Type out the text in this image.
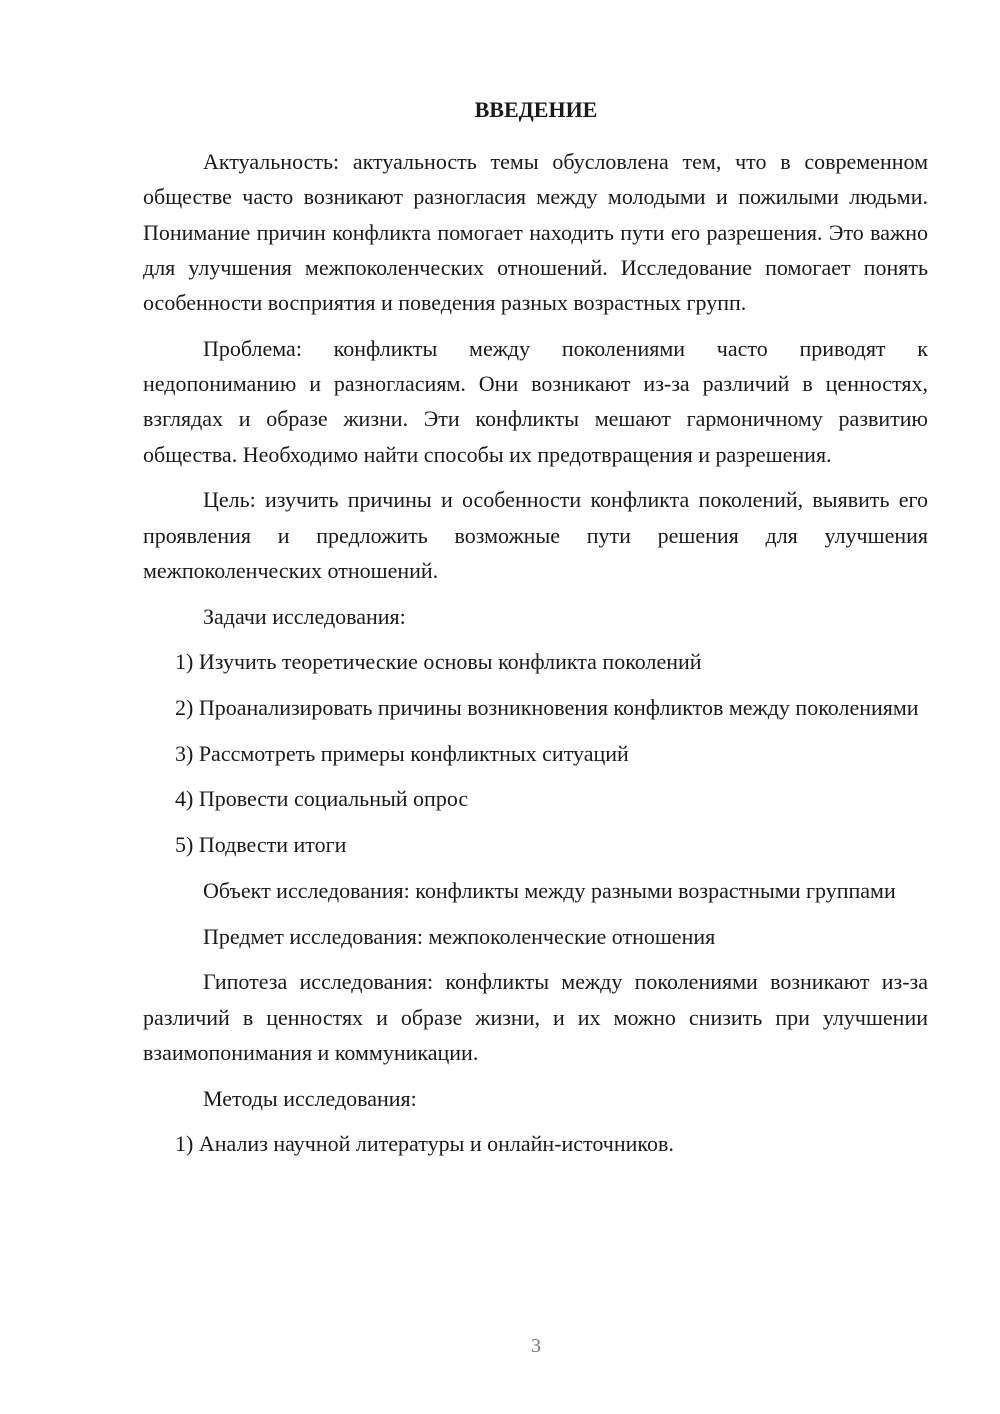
ВВЕДЕНИЕ

Актуальность: актуальность темы обусловлена тем, что в современном обществе часто возникают разногласия между молодыми и пожилыми людьми. Понимание причин конфликта помогает находить пути его разрешения. Это важно для улучшения межпоколенческих отношений. Исследование помогает понять особенности восприятия и поведения разных возрастных групп.

Проблема: конфликты между поколениями часто приводят к недопониманию и разногласиям. Они возникают из-за различий в ценностях, взглядах и образе жизни. Эти конфликты мешают гармоничному развитию общества. Необходимо найти способы их предотвращения и разрешения.

Цель: изучить причины и особенности конфликта поколений, выявить его проявления и предложить возможные пути решения для улучшения межпоколенческих отношений.

Задачи исследования:

1) Изучить теоретические основы конфликта поколений

2) Проанализировать причины возникновения конфликтов между поколениями

3) Рассмотреть примеры конфликтных ситуаций

4) Провести социальный опрос

5) Подвести итоги

Объект исследования: конфликты между разными возрастными группами

Предмет исследования: межпоколенческие отношения

Гипотеза исследования: конфликты между поколениями возникают из-за различий в ценностях и образе жизни, и их можно снизить при улучшении взаимопонимания и коммуникации.

Методы исследования:

1) Анализ научной литературы и онлайн-источников.

3
